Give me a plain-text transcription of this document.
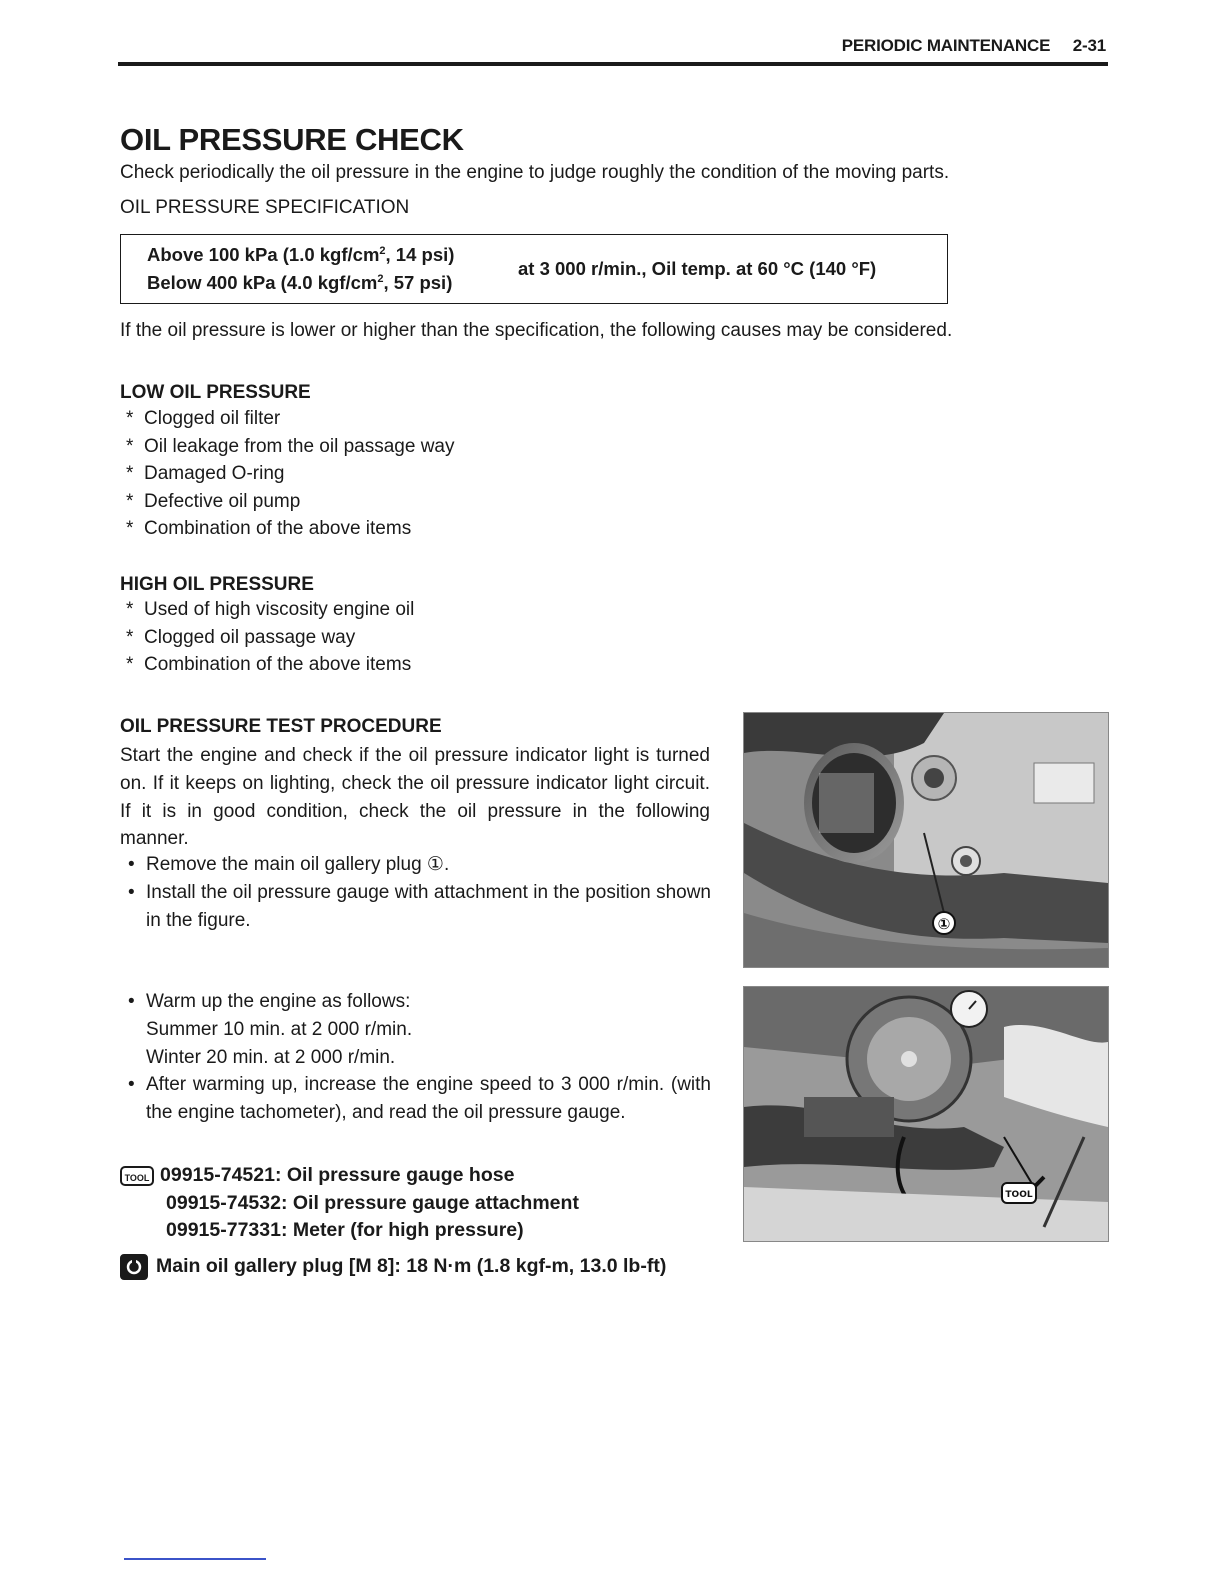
PERIODIC MAINTENANCE 2-31
OIL PRESSURE CHECK
Check periodically the oil pressure in the engine to judge roughly the condition of the moving parts.
OIL PRESSURE SPECIFICATION
Above 100 kPa (1.0 kgf/$cm^2$, 14 psi)
Below 400 kPa (4.0 kgf/$cm^2$, 57 psi)
at 3 000 r/min., Oil temp. at 60 °C (140 °F)
If the oil pressure is lower or higher than the specification, the following causes may be considered.
LOW OIL PRESSURE
* Clogged oil filter
* Oil leakage from the oil passage way
* Damaged O-ring
* Defective oil pump
* Combination of the above items
HIGH OIL PRESSURE
* Used of high viscosity engine oil
* Clogged oil passage way
* Combination of the above items
OIL PRESSURE TEST PROCEDURE
Start the engine and check if the oil pressure indicator light is turned on. If it keeps on lighting, check the oil pressure indicator light circuit. If it is in good condition, check the oil pressure in the following manner.
• Remove the main oil gallery plug ①.
• Install the oil pressure gauge with attachment in the position shown in the figure.
• Warm up the engine as follows:
Summer 10 min. at 2 000 r/min.
Winter 20 min. at 2 000 r/min.
• After warming up, increase the engine speed to 3 000 r/min. (with the engine tachometer), and read the oil pressure gauge.
TOOL 09915-74521: Oil pressure gauge hose
09915-74532: Oil pressure gauge attachment
09915-77331: Meter (for high pressure)
Main oil gallery plug [M 8]: 18 N·m (1.8 kgf-m, 13.0 lb-ft)
①
TOOL
